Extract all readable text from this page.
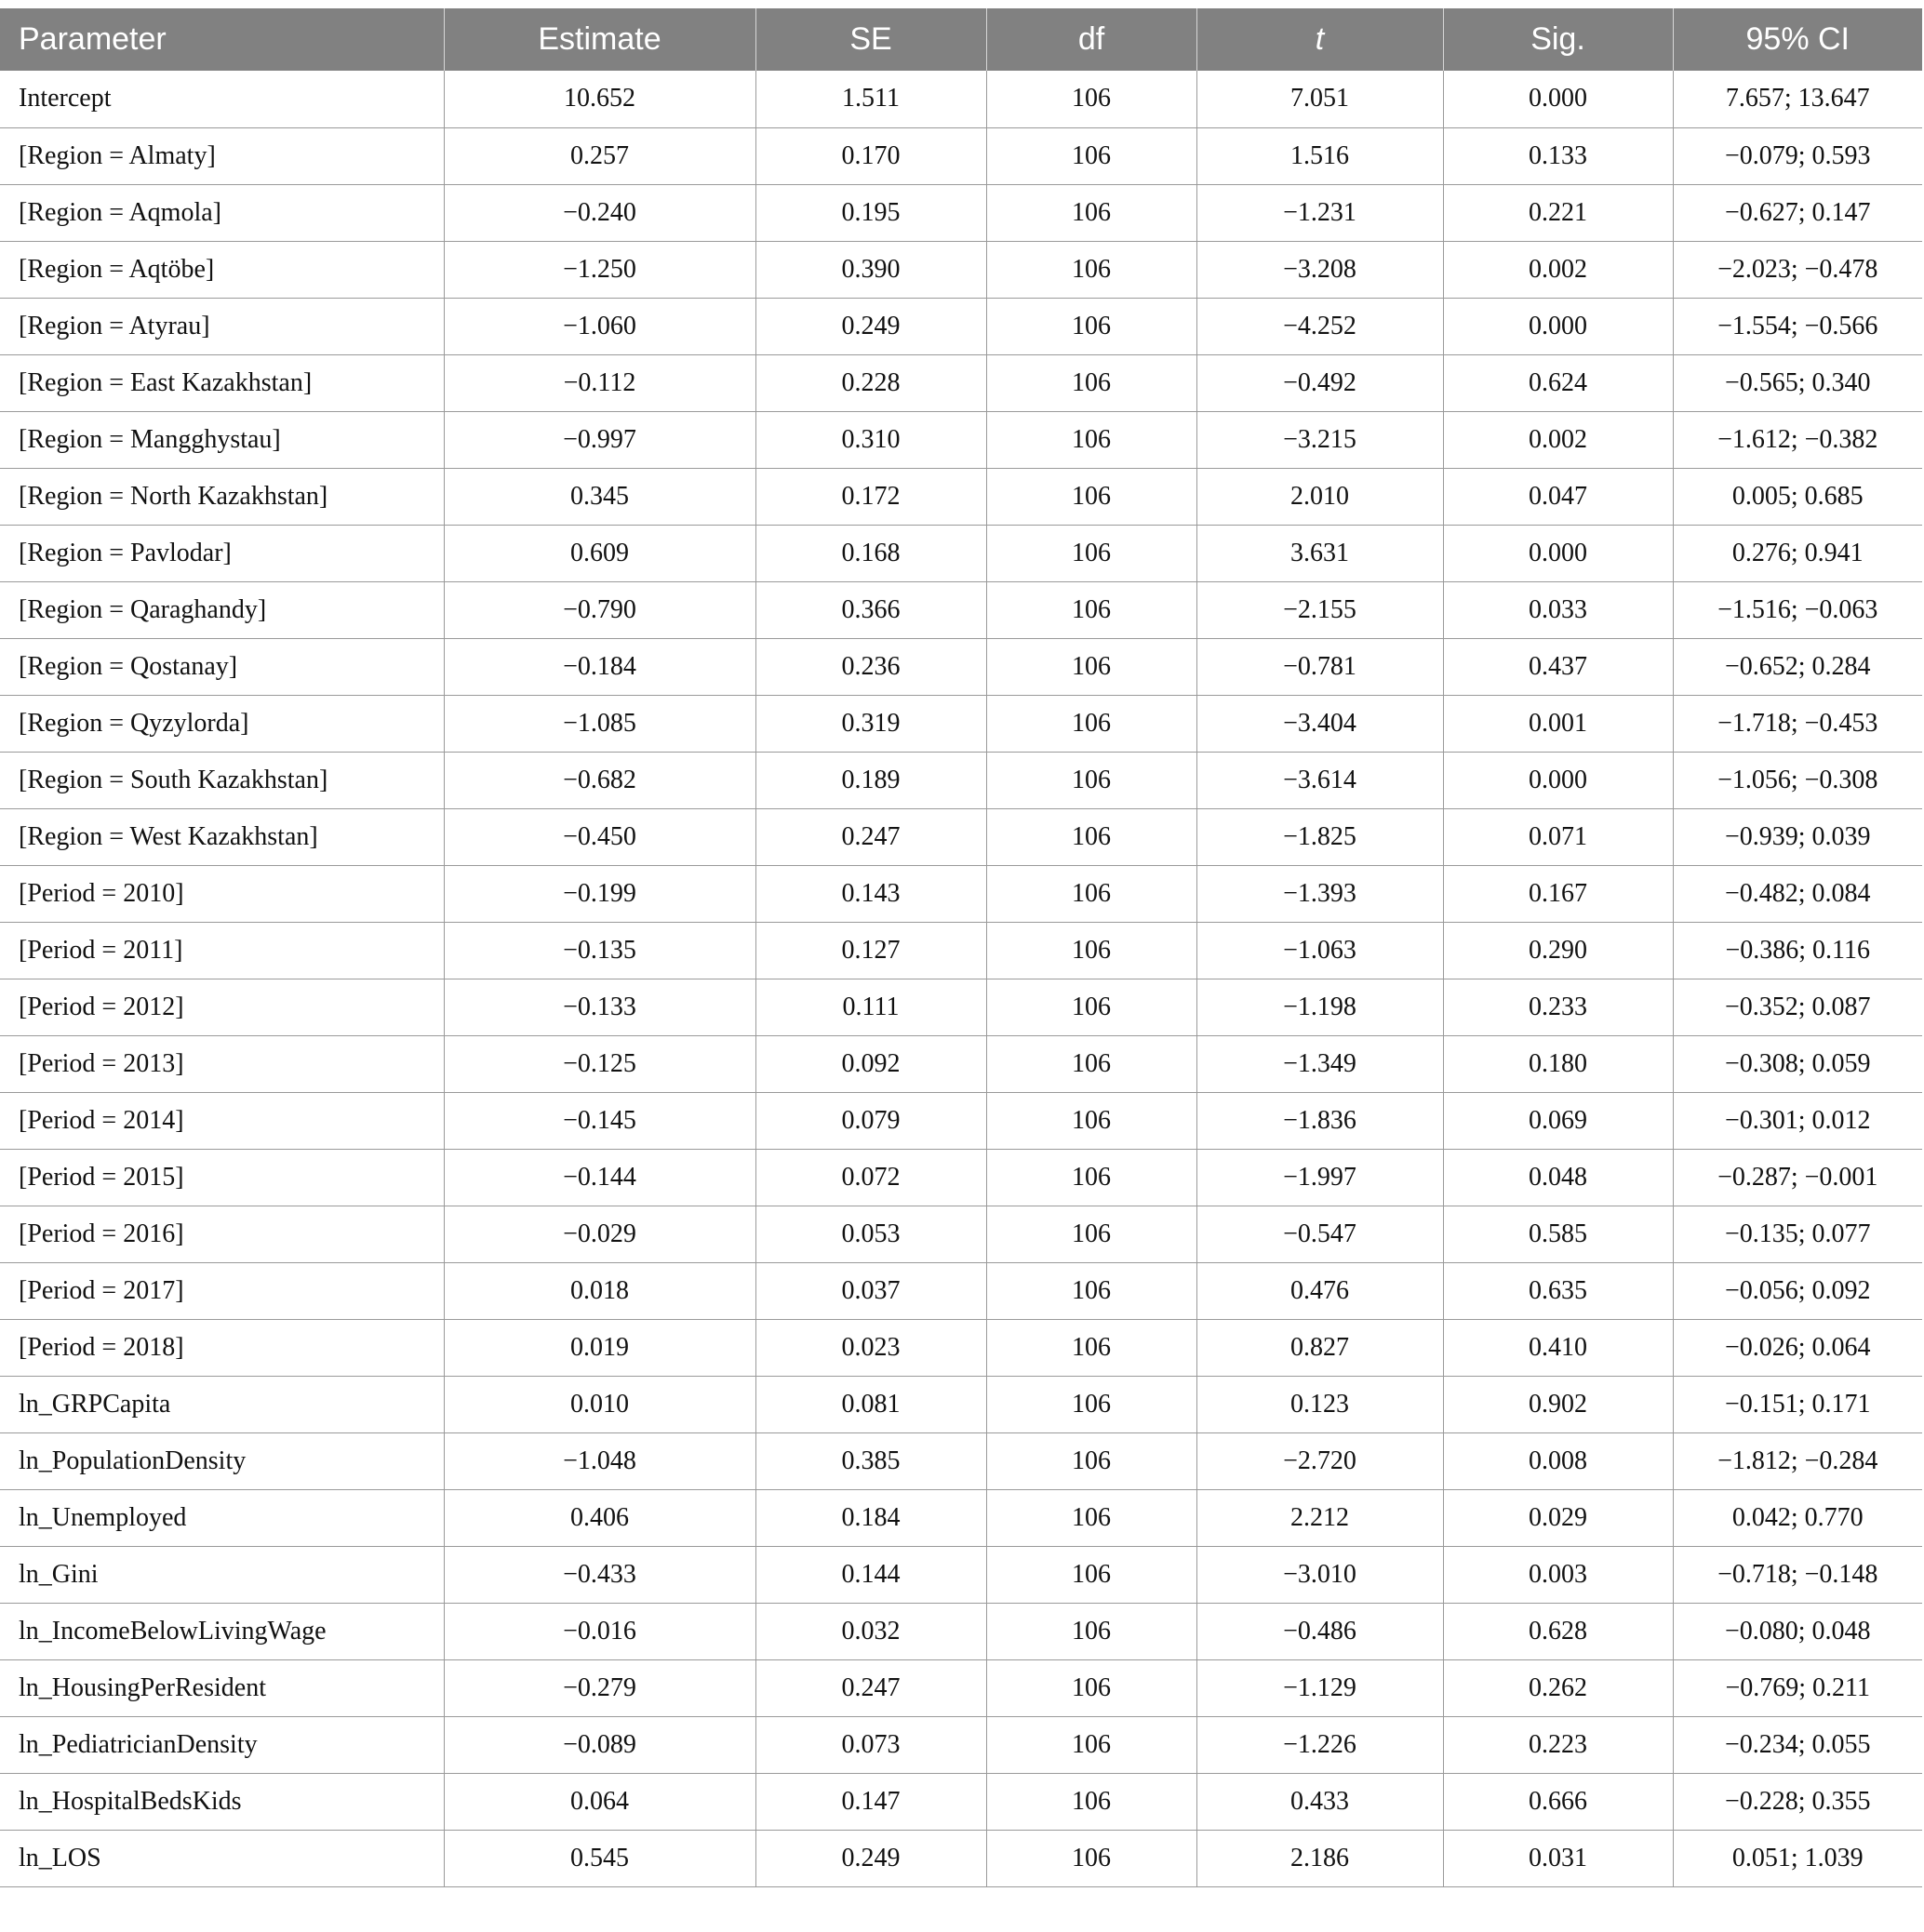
Parameter	Estimate	SE	df	t	Sig.	95% CI
Intercept	10.652	1.511	106	7.051	0.000	7.657; 13.647
[Region = Almaty]	0.257	0.170	106	1.516	0.133	−0.079; 0.593
[Region = Aqmola]	−0.240	0.195	106	−1.231	0.221	−0.627; 0.147
[Region = Aqtöbe]	−1.250	0.390	106	−3.208	0.002	−2.023; −0.478
[Region = Atyrau]	−1.060	0.249	106	−4.252	0.000	−1.554; −0.566
[Region = East Kazakhstan]	−0.112	0.228	106	−0.492	0.624	−0.565; 0.340
[Region = Mangghystau]	−0.997	0.310	106	−3.215	0.002	−1.612; −0.382
[Region = North Kazakhstan]	0.345	0.172	106	2.010	0.047	0.005; 0.685
[Region = Pavlodar]	0.609	0.168	106	3.631	0.000	0.276; 0.941
[Region = Qaraghandy]	−0.790	0.366	106	−2.155	0.033	−1.516; −0.063
[Region = Qostanay]	−0.184	0.236	106	−0.781	0.437	−0.652; 0.284
[Region = Qyzylorda]	−1.085	0.319	106	−3.404	0.001	−1.718; −0.453
[Region = South Kazakhstan]	−0.682	0.189	106	−3.614	0.000	−1.056; −0.308
[Region = West Kazakhstan]	−0.450	0.247	106	−1.825	0.071	−0.939; 0.039
[Period = 2010]	−0.199	0.143	106	−1.393	0.167	−0.482; 0.084
[Period = 2011]	−0.135	0.127	106	−1.063	0.290	−0.386; 0.116
[Period = 2012]	−0.133	0.111	106	−1.198	0.233	−0.352; 0.087
[Period = 2013]	−0.125	0.092	106	−1.349	0.180	−0.308; 0.059
[Period = 2014]	−0.145	0.079	106	−1.836	0.069	−0.301; 0.012
[Period = 2015]	−0.144	0.072	106	−1.997	0.048	−0.287; −0.001
[Period = 2016]	−0.029	0.053	106	−0.547	0.585	−0.135; 0.077
[Period = 2017]	0.018	0.037	106	0.476	0.635	−0.056; 0.092
[Period = 2018]	0.019	0.023	106	0.827	0.410	−0.026; 0.064
ln_GRPCapita	0.010	0.081	106	0.123	0.902	−0.151; 0.171
ln_PopulationDensity	−1.048	0.385	106	−2.720	0.008	−1.812; −0.284
ln_Unemployed	0.406	0.184	106	2.212	0.029	0.042; 0.770
ln_Gini	−0.433	0.144	106	−3.010	0.003	−0.718; −0.148
ln_IncomeBelowLivingWage	−0.016	0.032	106	−0.486	0.628	−0.080; 0.048
ln_HousingPerResident	−0.279	0.247	106	−1.129	0.262	−0.769; 0.211
ln_PediatricianDensity	−0.089	0.073	106	−1.226	0.223	−0.234; 0.055
ln_HospitalBedsKids	0.064	0.147	106	0.433	0.666	−0.228; 0.355
ln_LOS	0.545	0.249	106	2.186	0.031	0.051; 1.039
